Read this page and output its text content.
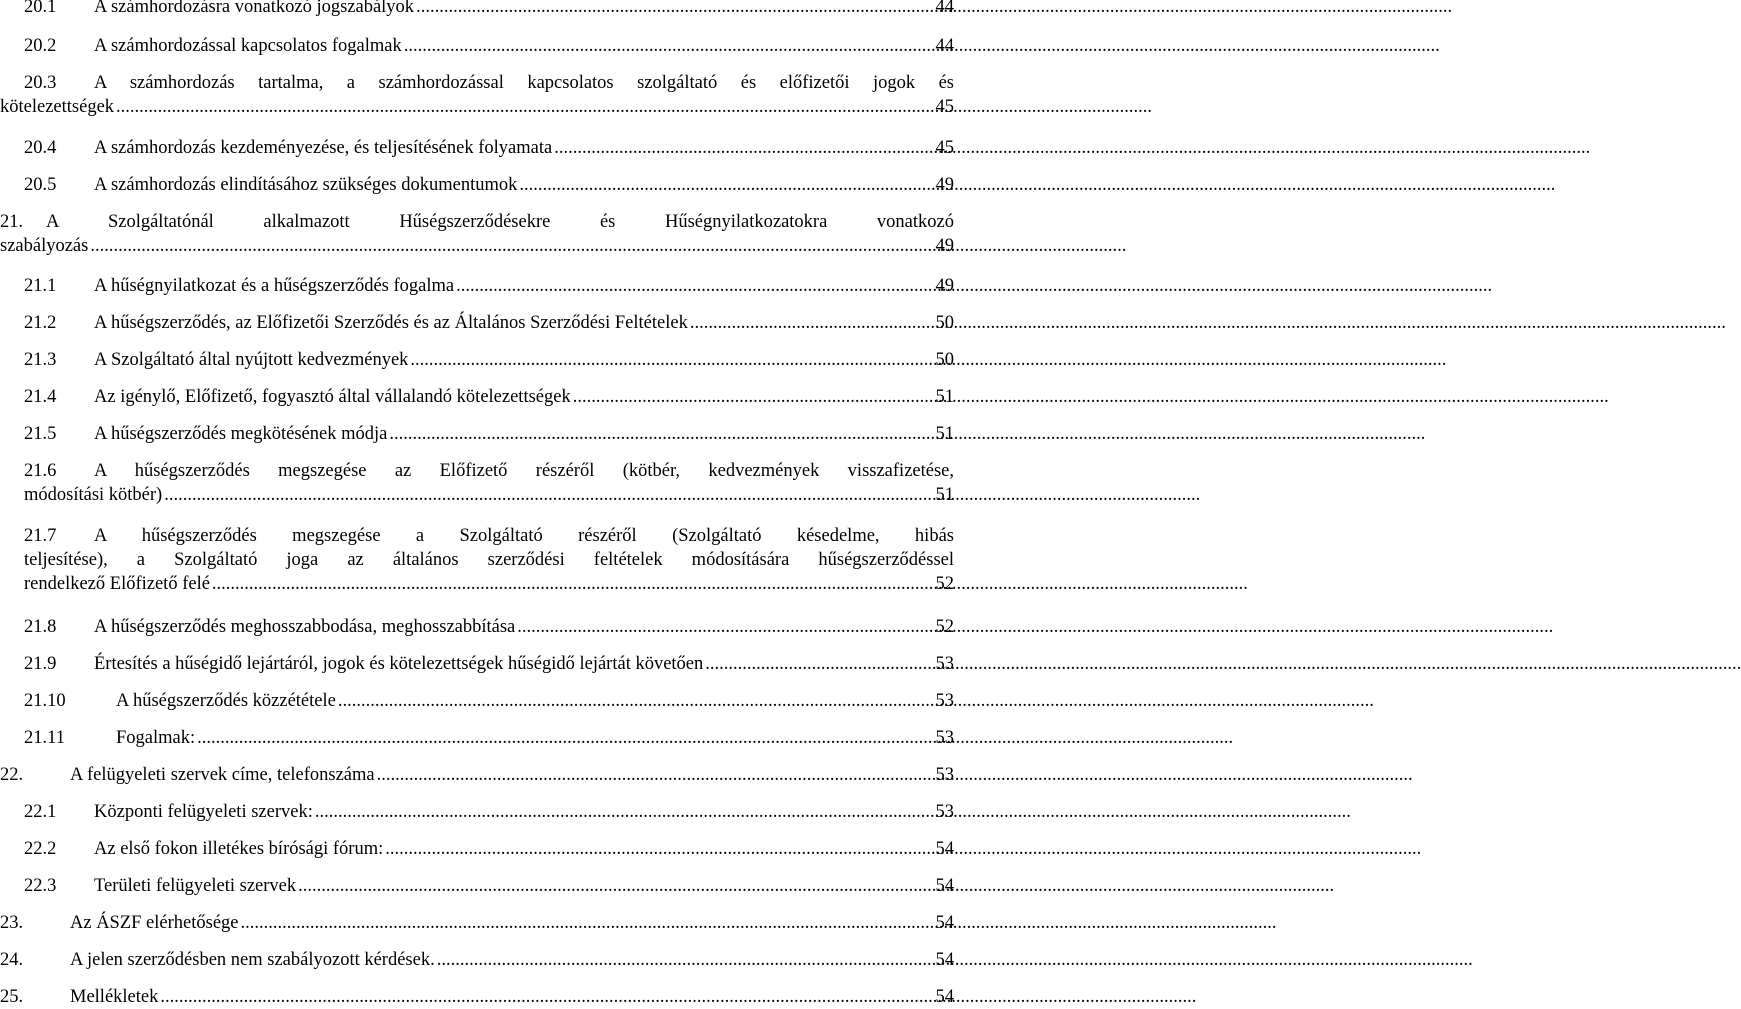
20.1	A számhordozásra vonatkozó jogszabályok .....	44
20.2	A számhordozással kapcsolatos fogalmak .....	44
20.3	A számhordozás tartalma, a számhordozással kapcsolatos szolgáltató és előfizetői jogok és
kötelezettségek .....	45
20.4	A számhordozás kezdeményezése, és teljesítésének folyamata .....	45
20.5	A számhordozás elindításához szükséges dokumentumok .....	49
21.	A Szolgáltatónál alkalmazott Hűségszerződésekre és Hűségnyilatkozatokra vonatkozó
szabályozás .....	49
21.1	A hűségnyilatkozat és a hűségszerződés fogalma .....	49
21.2	A hűségszerződés, az Előfizetői Szerződés és az Általános Szerződési Feltételek .....	50
21.3	A Szolgáltató által nyújtott kedvezmények .....	50
21.4	Az igénylő, Előfizető, fogyasztó által vállalandó kötelezettségek .....	51
21.5	A hűségszerződés megkötésének módja .....	51
21.6	A hűségszerződés megszegése az Előfizető részéről (kötbér, kedvezmények visszafizetése,
módosítási kötbér) .....	51
21.7	A hűségszerződés megszegése a Szolgáltató részéről (Szolgáltató késedelme, hibás
teljesítése), a Szolgáltató joga az általános szerződési feltételek módosítására hűségszerződéssel
rendelkező Előfizető felé .....	52
21.8	A hűségszerződés meghosszabbodása, meghosszabbítása .....	52
21.9	Értesítés a hűségidő lejártáról, jogok és kötelezettségek hűségidő lejártát követően .....	53
21.10	A hűségszerződés közzététele .....	53
21.11	Fogalmak: .....	53
22.	A felügyeleti szervek címe, telefonszáma .....	53
22.1	Központi felügyeleti szervek: .....	53
22.2	Az első fokon illetékes bírósági fórum: .....	54
22.3	Területi felügyeleti szervek .....	54
23.	Az ÁSZF elérhetősége .....	54
24.	A jelen szerződésben nem szabályozott kérdések. .....	54
25.	Mellékletek .....	54
